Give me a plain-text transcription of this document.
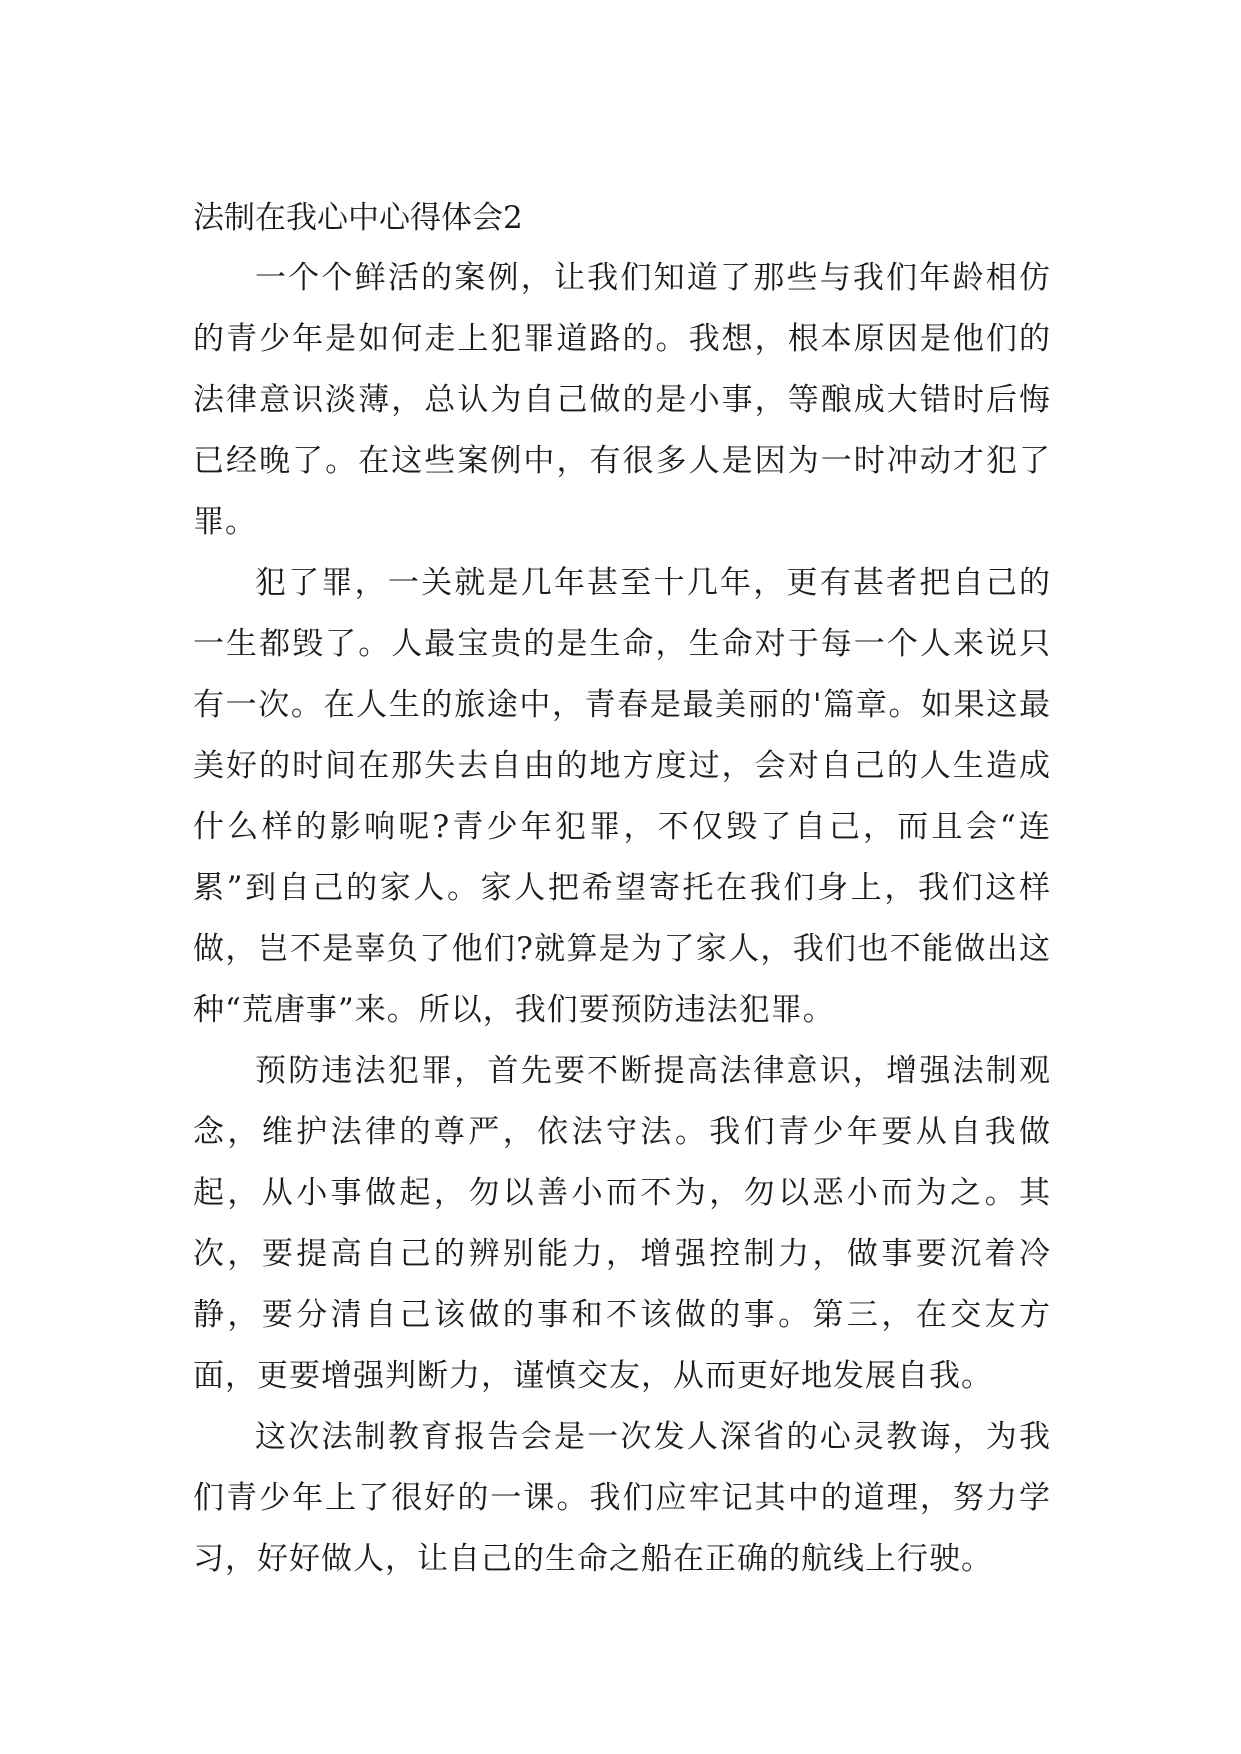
法制在我心中心得体会2

一个个鲜活的案例，让我们知道了那些与我们年龄相仿的青少年是如何走上犯罪道路的。我想，根本原因是他们的法律意识淡薄，总认为自己做的是小事，等酿成大错时后悔已经晚了。在这些案例中，有很多人是因为一时冲动才犯了罪。

犯了罪，一关就是几年甚至十几年，更有甚者把自己的一生都毁了。人最宝贵的是生命，生命对于每一个人来说只有一次。在人生的旅途中，青春是最美丽的'篇章。如果这最美好的时间在那失去自由的地方度过，会对自己的人生造成什么样的影响呢?青少年犯罪，不仅毁了自己，而且会“连累”到自己的家人。家人把希望寄托在我们身上，我们这样做，岂不是辜负了他们?就算是为了家人，我们也不能做出这种“荒唐事”来。所以，我们要预防违法犯罪。

预防违法犯罪，首先要不断提高法律意识，增强法制观念，维护法律的尊严，依法守法。我们青少年要从自我做起，从小事做起，勿以善小而不为，勿以恶小而为之。其次，要提高自己的辨别能力，增强控制力，做事要沉着冷静，要分清自己该做的事和不该做的事。第三，在交友方面，更要增强判断力，谨慎交友，从而更好地发展自我。

这次法制教育报告会是一次发人深省的心灵教诲，为我们青少年上了很好的一课。我们应牢记其中的道理，努力学习，好好做人，让自己的生命之船在正确的航线上行驶。
